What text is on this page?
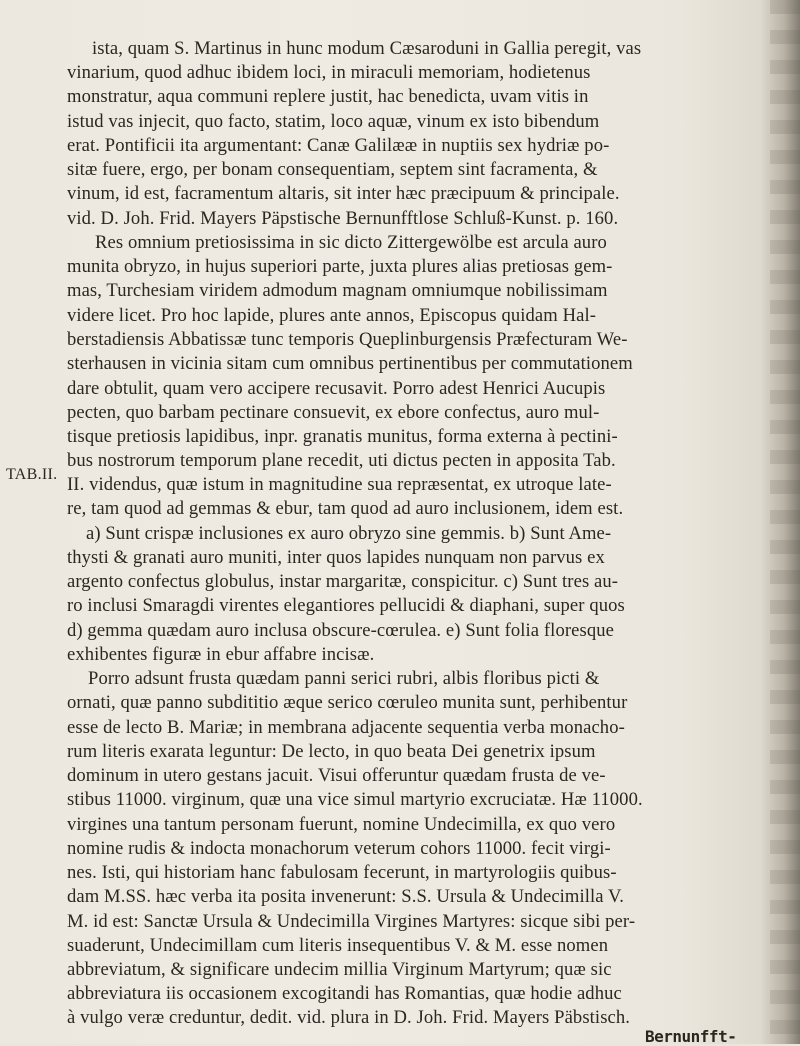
TAB.II.
ista, quam S. Martinus in hunc modum Cæsaroduni in Gallia peregit, vas
vinarium, quod adhuc ibidem loci, in miraculi memoriam, hodietenus
monstratur, aqua communi replere justit, hac benedicta, uvam vitis in
istud vas injecit, quo facto, statim, loco aquæ, vinum ex isto bibendum
erat. Pontificii ita argumentant: Canæ Galilææ in nuptiis sex hydriæ po-
sitæ fuere, ergo, per bonam consequentiam, septem sint facramenta, &
vinum, id est, facramentum altaris, sit inter hæc præcipuum & principale.
vid. D. Joh. Frid. Mayers Päpstische Bernunfftlose Schluß-Kunst. p. 160.
Res omnium pretiosissima in sic dicto Zittergewölbe est arcula auro
munita obryzo, in hujus superiori parte, juxta plures alias pretiosas gem-
mas, Turchesiam viridem admodum magnam omniumque nobilissimam
videre licet. Pro hoc lapide, plures ante annos, Episcopus quidam Hal-
berstadiensis Abbatissæ tunc temporis Queplinburgensis Præfecturam We-
sterhausen in vicinia sitam cum omnibus pertinentibus per commutationem
dare obtulit, quam vero accipere recusavit. Porro adest Henrici Aucupis
pecten, quo barbam pectinare consuevit, ex ebore confectus, auro mul-
tisque pretiosis lapidibus, inpr. granatis munitus, forma externa à pectini-
bus nostrorum temporum plane recedit, uti dictus pecten in apposita Tab.
II. videndus, quæ istum in magnitudine sua repræsentat, ex utroque late-
re, tam quod ad gemmas & ebur, tam quod ad auro inclusionem, idem est.
a) Sunt crispæ inclusiones ex auro obryzo sine gemmis. b) Sunt Ame-
thysti & granati auro muniti, inter quos lapides nunquam non parvus ex
argento confectus globulus, instar margaritæ, conspicitur. c) Sunt tres au-
ro inclusi Smaragdi virentes elegantiores pellucidi & diaphani, super quos
d) gemma quædam auro inclusa obscure-cœrulea. e) Sunt folia floresque
exhibentes figuræ in ebur affabre incisæ.
Porro adsunt frusta quædam panni serici rubri, albis floribus picti &
ornati, quæ panno subdititio æque serico cœruleo munita sunt, perhibentur
esse de lecto B. Mariæ; in membrana adjacente sequentia verba monacho-
rum literis exarata leguntur: De lecto, in quo beata Dei genetrix ipsum
dominum in utero gestans jacuit. Visui offeruntur quædam frusta de ve-
stibus 11000. virginum, quæ una vice simul martyrio excruciatæ. Hæ 11000.
virgines una tantum personam fuerunt, nomine Undecimilla, ex quo vero
nomine rudis & indocta monachorum veterum cohors 11000. fecit virgi-
nes. Isti, qui historiam hanc fabulosam fecerunt, in martyrologiis quibus-
dam M.SS. hæc verba ita posita invenerunt: S.S. Ursula & Undecimilla V.
M. id est: Sanctæ Ursula & Undecimilla Virgines Martyres: sicque sibi per-
suaderunt, Undecimillam cum literis insequentibus V. & M. esse nomen
abbreviatum, & significare undecim millia Virginum Martyrum; quæ sic
abbreviatura iis occasionem excogitandi has Romantias, quæ hodie adhuc
à vulgo veræ creduntur, dedit. vid. plura in D. Joh. Frid. Mayers Päbstisch.
Bernunfft-
